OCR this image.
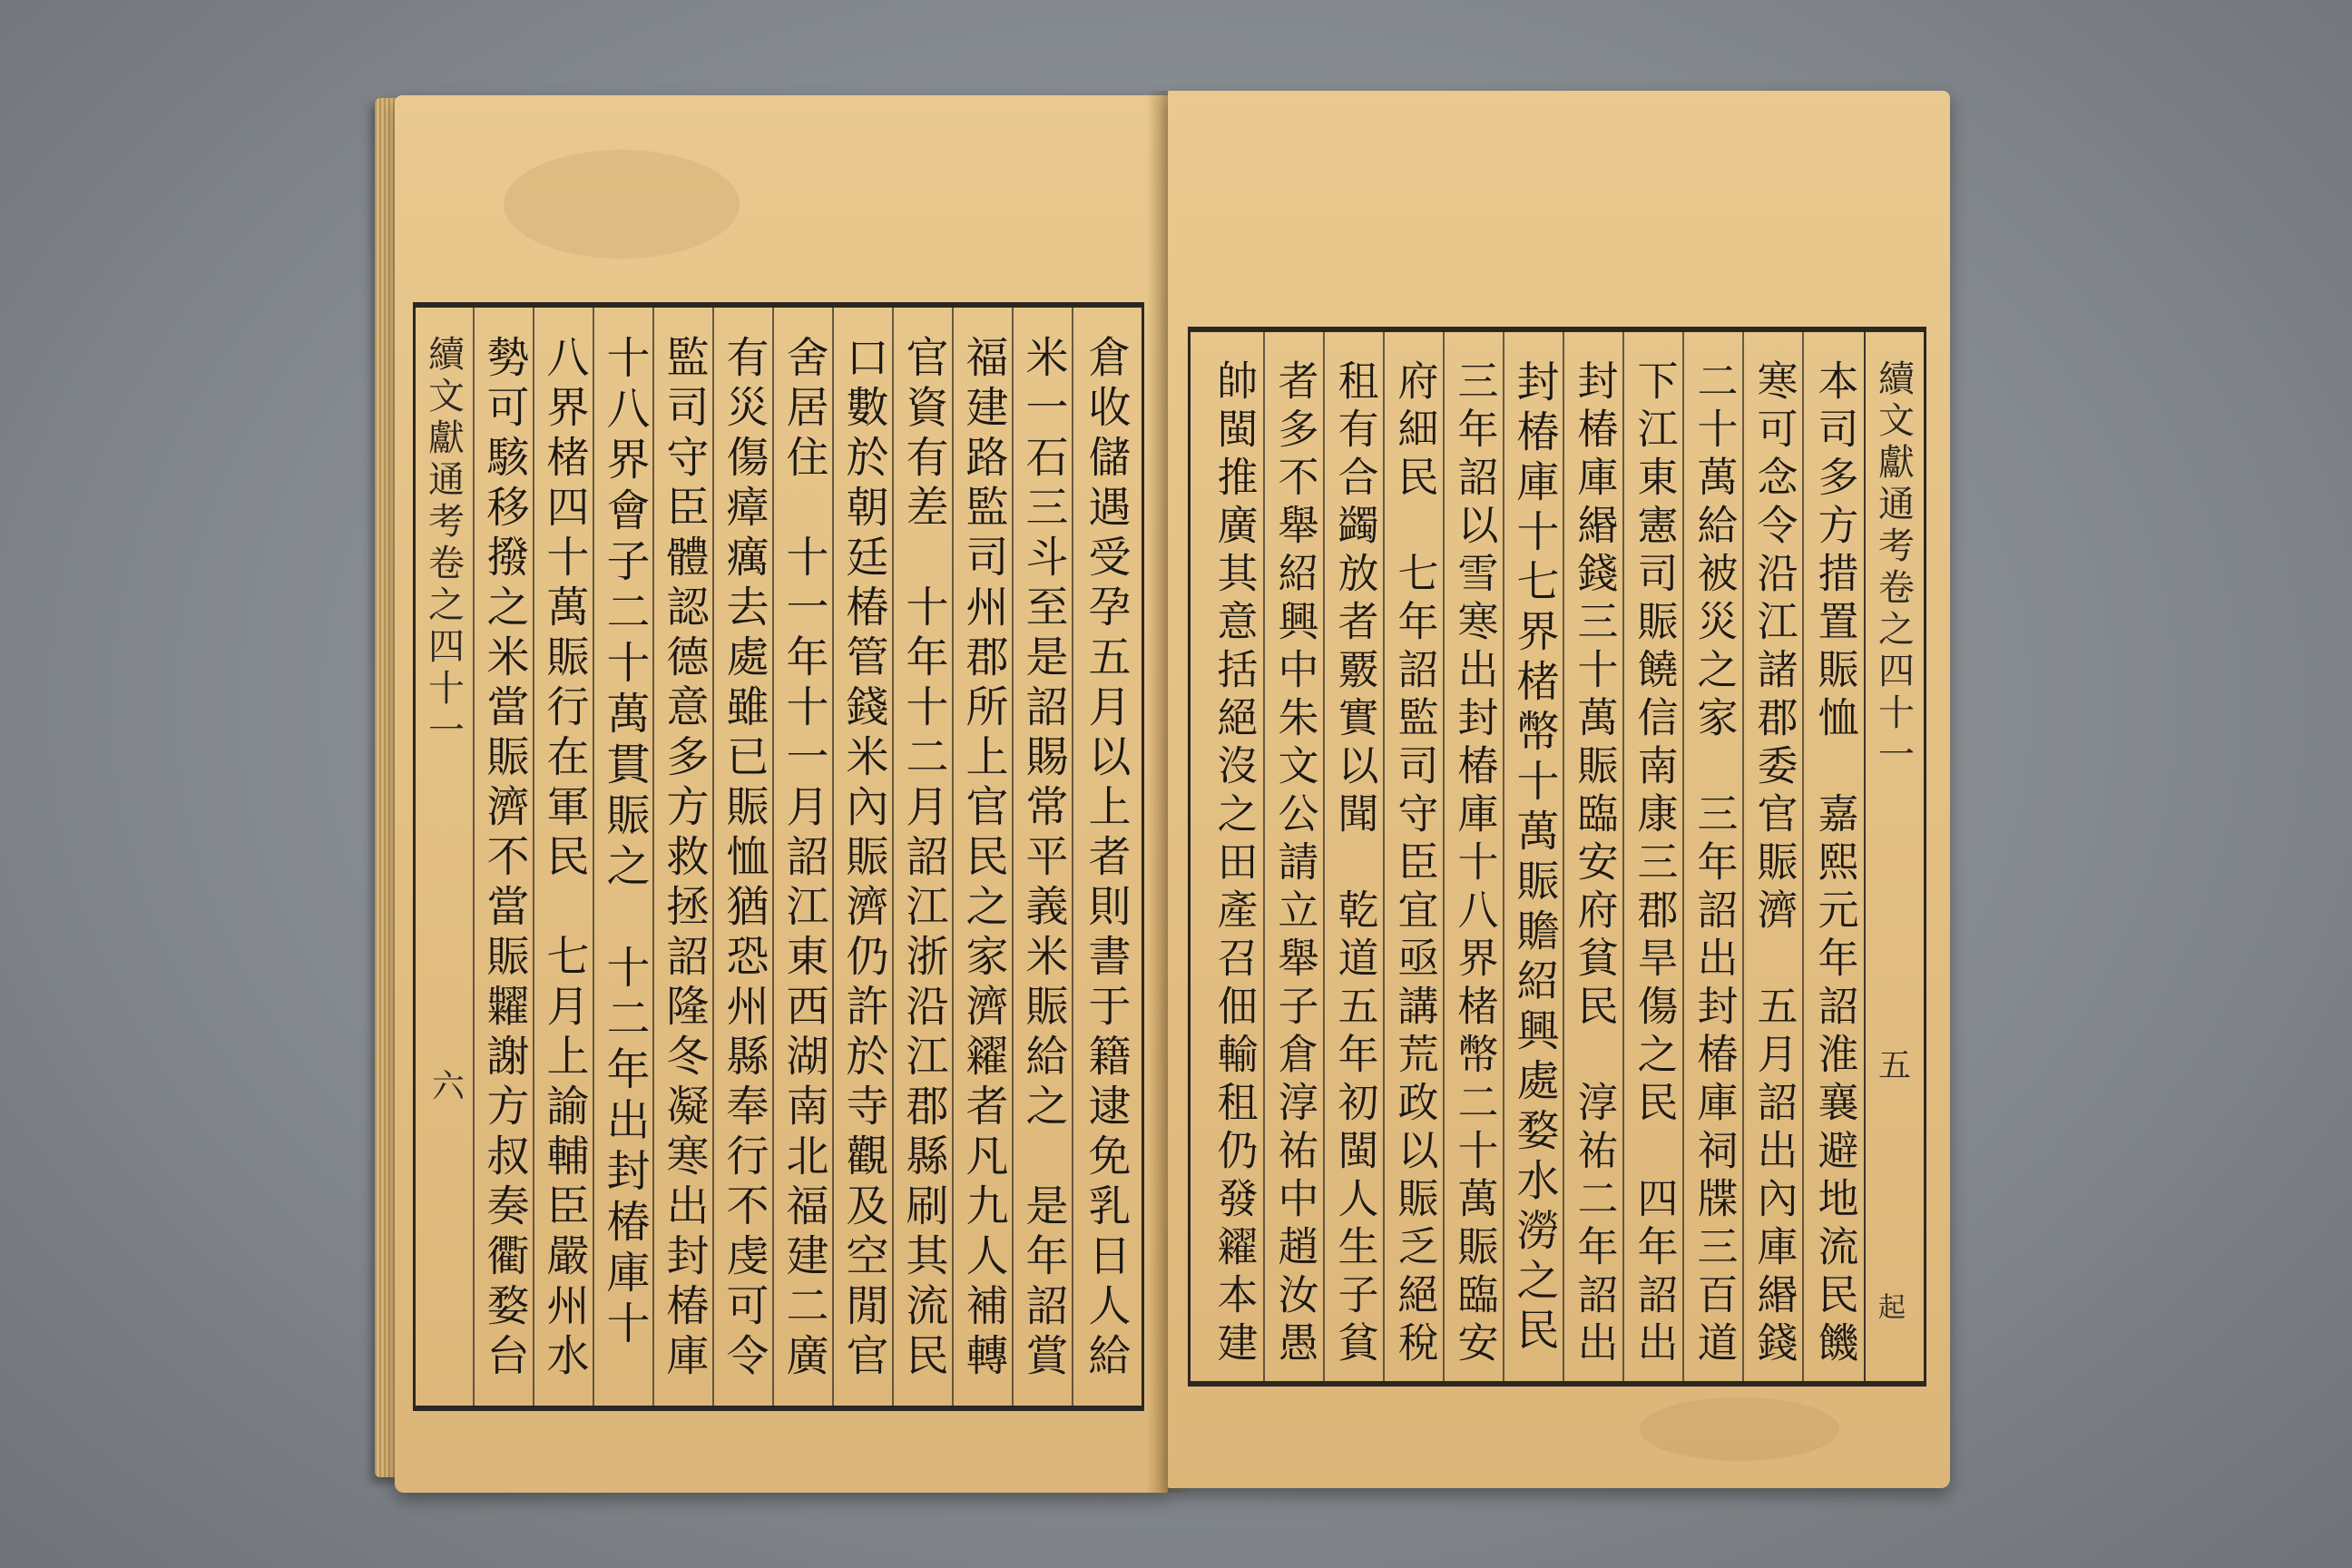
續文獻通考卷之四十一
六	倉收儲遇受孕五月以上者則書于籍逮免乳日人給
米一石三斗至是詔賜常平義米賑給之　是年詔賞
福建路監司州郡所上官民之家濟糴者凡九人補轉
官資有差　十年十二月詔江浙沿江郡縣刷其流民
口數於朝廷椿管錢米內賑濟仍許於寺觀及空閒官
舍居住　十一年十一月詔江東西湖南北福建二廣
有災傷瘴癘去處雖已賑恤猶恐州縣奉行不虔可令
監司守臣體認德意多方救拯詔隆冬凝寒出封椿庫
十八界會子二十萬貫賑之　十二年出封椿庫十
八界楮四十萬賑行在軍民　七月上諭輔臣嚴州水
勢可駭移撥之米當賑濟不當賑糶謝方叔奏衢婺台	續文獻通考卷之四十一
五
起
本司多方措置賑恤　嘉熙元年詔淮襄避地流民饑
寒可念令沿江諸郡委官賑濟　五月詔出內庫緡錢
二十萬給被災之家　三年詔出封椿庫祠牒三百道
下江東憲司賑饒信南康三郡旱傷之民　四年詔出
封椿庫緡錢三十萬賑臨安府貧民　淳祐二年詔出
封椿庫十七界楮幣十萬賑贍紹興處婺水澇之民
三年詔以雪寒出封椿庫十八界楮幣二十萬賑臨安
府細民　七年詔監司守臣宜亟講荒政以賑乏絕稅
租有合蠲放者覈實以聞　乾道五年初閩人生子貧
者多不舉紹興中朱文公請立舉子倉淳祐中趙汝愚
帥閩推廣其意括絕沒之田產召佃輸租仍發糴本建
